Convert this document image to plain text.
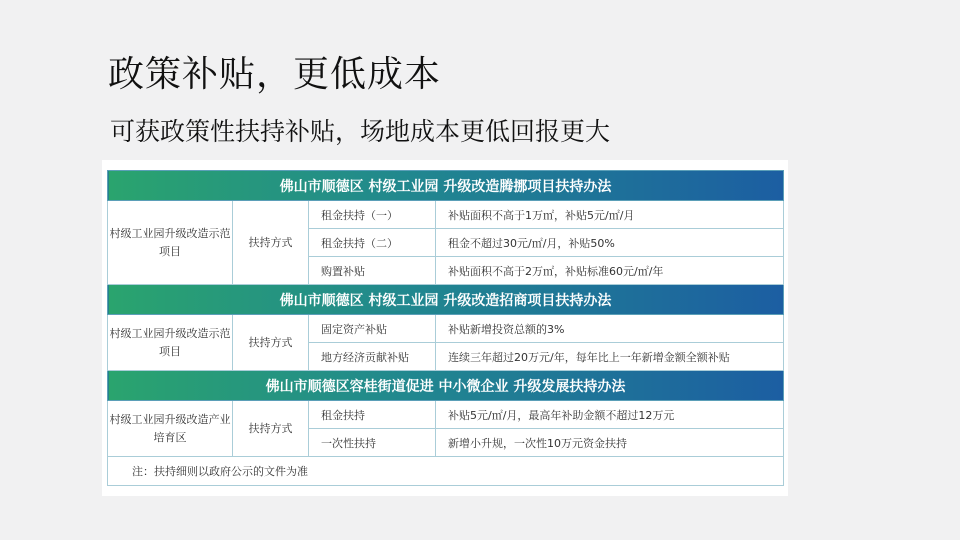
政策补贴，更低成本
可获政策性扶持补贴，场地成本更低回报更大
佛山市顺德区 村级工业园 升级改造腾挪项目扶持办法			
村级工业园升级改造示范项目	扶持方式	租金扶持（一）	补贴面积不高于1万㎡，补贴5元/㎡/月
		租金扶持（二）	租金不超过30元/㎡/月，补贴50%
		购置补贴	补贴面积不高于2万㎡，补贴标准60元/㎡/年
佛山市顺德区 村级工业园 升级改造招商项目扶持办法			
村级工业园升级改造示范项目	扶持方式	固定资产补贴	补贴新增投资总额的3%
		地方经济贡献补贴	连续三年超过20万元/年，每年比上一年新增金额全额补贴
佛山市顺德区容桂街道促进 中小微企业 升级发展扶持办法			
村级工业园升级改造产业培育区	扶持方式	租金扶持	补贴5元/㎡/月，最高年补助金额不超过12万元
		一次性扶持	新增小升规，一次性10万元资金扶持
注：扶持细则以政府公示的文件为准			
